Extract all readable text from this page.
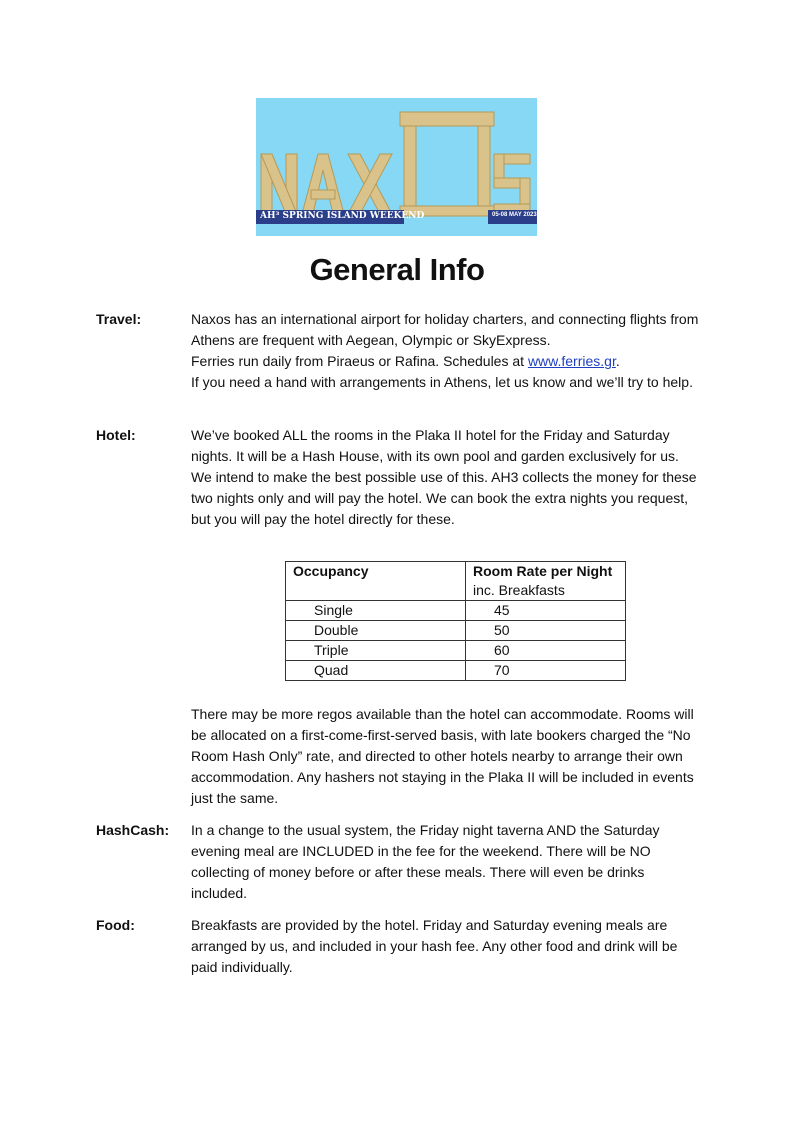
AH³ SPRING ISLAND WEEKEND	05-08 MAY 2023
General Info
Travel:	Naxos has an international airport for holiday charters, and connecting flights from Athens are frequent with Aegean, Olympic or SkyExpress.

Ferries run daily from Piraeus or Rafina. Schedules at www.ferries.gr.

If you need a hand with arrangements in Athens, let us know and we’ll try to help.

Hotel:	We’ve booked ALL the rooms in the Plaka II hotel for the Friday and Saturday nights. It will be a Hash House, with its own pool and garden exclusively for us. We intend to make the best possible use of this. AH3 collects the money for these two nights only and will pay the hotel. We can book the extra nights you request, but you will pay the hotel directly for these.

Occupancy	Room Rate per Night
inc. Breakfasts

Single	45
Double	50
Triple	60
Quad	70

There may be more regos available than the hotel can accommodate. Rooms will be allocated on a first-come-first-served basis, with late bookers charged the “No Room Hash Only” rate, and directed to other hotels nearby to arrange their own accommodation. Any hashers not staying in the Plaka II will be included in events just the same.

HashCash: In a change to the usual system, the Friday night taverna AND the Saturday evening meal are INCLUDED in the fee for the weekend. There will be NO collecting of money before or after these meals. There will even be drinks included.

Food:	Breakfasts are provided by the hotel. Friday and Saturday evening meals are arranged by us, and included in your hash fee. Any other food and drink will be paid individually.
